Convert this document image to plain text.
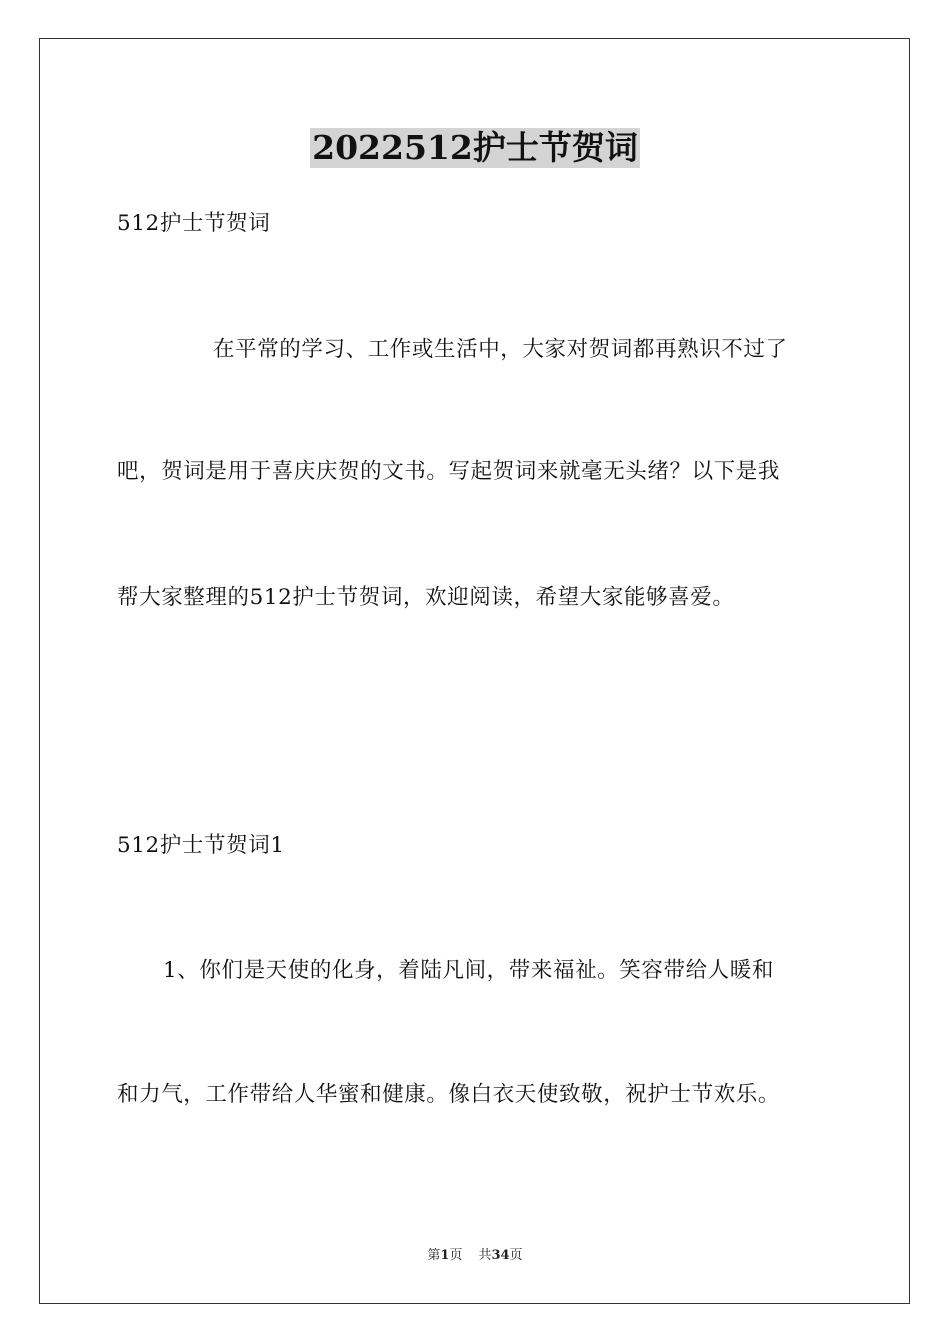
2022512护士节贺词
512护士节贺词
在平常的学习、工作或生活中，大家对贺词都再熟识不过了
吧，贺词是用于喜庆庆贺的文书。写起贺词来就毫无头绪？以下是我
帮大家整理的512护士节贺词，欢迎阅读，希望大家能够喜爱。
512护士节贺词1
1、你们是天使的化身，着陆凡间，带来福祉。笑容带给人暖和
和力气，工作带给人华蜜和健康。像白衣天使致敬，祝护士节欢乐。
第1页 共34页
